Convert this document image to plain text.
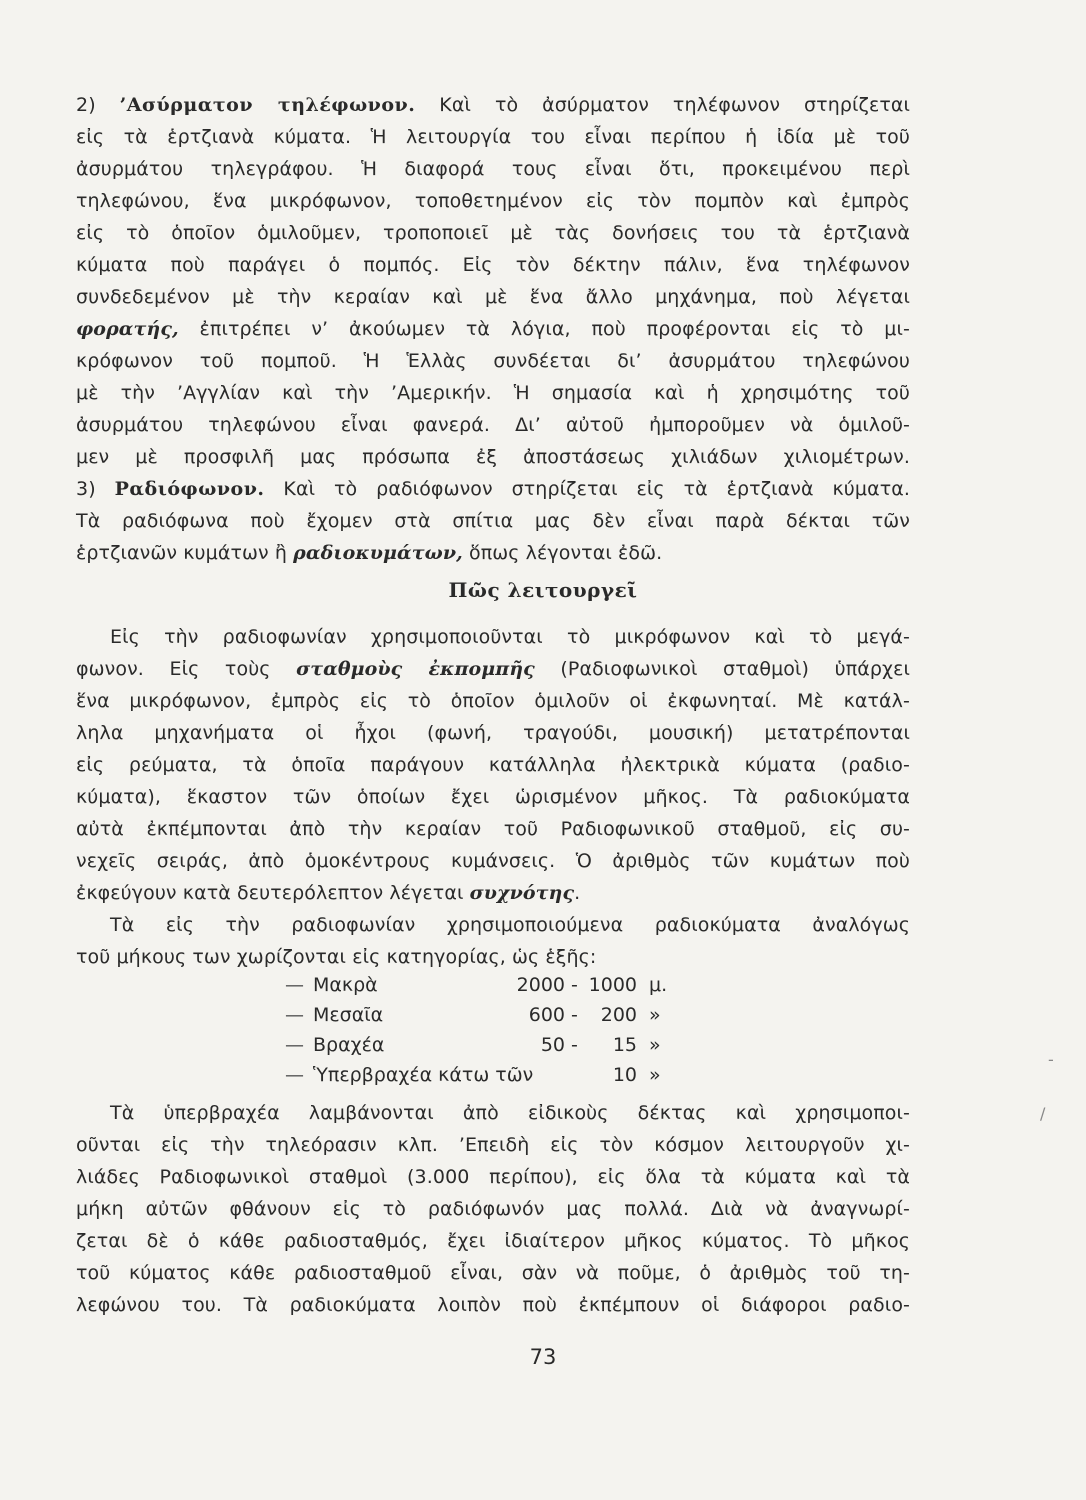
2) ’Ασύρματον τηλέφωνον. Καὶ τὸ ἀσύρματον τηλέφωνον στηρίζεται
εἰς τὰ ἑρτζιανὰ κύματα. Ἡ λειτουργία του εἶναι περίπου ἡ ἰδία μὲ τοῦ
ἀσυρμάτου τηλεγράφου. Ἡ διαφορά τους εἶναι ὅτι, προκειμένου περὶ
τηλεφώνου, ἕνα μικρόφωνον, τοποθετημένον εἰς τὸν πομπὸν καὶ ἐμπρὸς
εἰς τὸ ὁποῖον ὁμιλοῦμεν, τροποποιεῖ μὲ τὰς δονήσεις του τὰ ἑρτζιανὰ
κύματα ποὺ παράγει ὁ πομπός. Εἰς τὸν δέκτην πάλιν, ἕνα τηλέφωνον
συνδεδεμένον μὲ τὴν κεραίαν καὶ μὲ ἕνα ἄλλο μηχάνημα, ποὺ λέγεται
φορατής, ἐπιτρέπει ν’ ἀκούωμεν τὰ λόγια, ποὺ προφέρονται εἰς τὸ μι-
κρόφωνον τοῦ πομποῦ. Ἡ Ἑλλὰς συνδέεται δι’ ἀσυρμάτου τηλεφώνου
μὲ τὴν ’Αγγλίαν καὶ τὴν ’Αμερικήν. Ἡ σημασία καὶ ἡ χρησιμότης τοῦ
ἀσυρμάτου τηλεφώνου εἶναι φανερά. Δι’ αὐτοῦ ἠμποροῦμεν νὰ ὁμιλοῦ-
μεν μὲ προσφιλῆ μας πρόσωπα ἐξ ἀποστάσεως χιλιάδων χιλιομέτρων.
3) Ραδιόφωνον. Καὶ τὸ ραδιόφωνον στηρίζεται εἰς τὰ ἑρτζιανὰ κύματα.
Τὰ ραδιόφωνα ποὺ ἔχομεν στὰ σπίτια μας δὲν εἶναι παρὰ δέκται τῶν
ἑρτζιανῶν κυμάτων ἢ ραδιοκυμάτων, ὅπως λέγονται ἐδῶ.
Πῶς λειτουργεῖ
Εἰς τὴν ραδιοφωνίαν χρησιμοποιοῦνται τὸ μικρόφωνον καὶ τὸ μεγά-
φωνον. Εἰς τοὺς σταθμοὺς ἐκπομπῆς (Ραδιοφωνικοὶ σταθμοὶ) ὑπάρχει
ἕνα μικρόφωνον, ἐμπρὸς εἰς τὸ ὁποῖον ὁμιλοῦν οἱ ἐκφωνηταί. Μὲ κατάλ-
ληλα μηχανήματα οἱ ἦχοι (φωνή, τραγούδι, μουσική) μετατρέπονται
εἰς ρεύματα, τὰ ὁποῖα παράγουν κατάλληλα ἠλεκτρικὰ κύματα (ραδιο-
κύματα), ἕκαστον τῶν ὁποίων ἔχει ὡρισμένον μῆκος. Τὰ ραδιοκύματα
αὐτὰ ἐκπέμπονται ἀπὸ τὴν κεραίαν τοῦ Ραδιοφωνικοῦ σταθμοῦ, εἰς συ-
νεχεῖς σειράς, ἀπὸ ὁμοκέντρους κυμάνσεις. Ὁ ἀριθμὸς τῶν κυμάτων ποὺ
ἐκφεύγουν κατὰ δευτερόλεπτον λέγεται συχνότης.
Τὰ εἰς τὴν ραδιοφωνίαν χρησιμοποιούμενα ραδιοκύματα ἀναλόγως
τοῦ μήκους των χωρίζονται εἰς κατηγορίας, ὡς ἑξῆς:
— Μακρὰ	2000 - 1000 μ.
— Μεσαῖα	600 -	200 »
— Βραχέα	50 -	15 »
— Ὑπερβραχέα κάτω τῶν	10 »
Τὰ ὑπερβραχέα λαμβάνονται ἀπὸ εἰδικοὺς δέκτας καὶ χρησιμοποι-
οῦνται εἰς τὴν τηλεόρασιν κλπ. ’Επειδὴ εἰς τὸν κόσμον λειτουργοῦν χι-
λιάδες Ραδιοφωνικοὶ σταθμοὶ (3.000 περίπου), εἰς ὅλα τὰ κύματα καὶ τὰ
μήκη αὐτῶν φθάνουν εἰς τὸ ραδιόφωνόν μας πολλά. Διὰ νὰ ἀναγνωρί-
ζεται δὲ ὁ κάθε ραδιοσταθμός, ἔχει ἰδιαίτερον μῆκος κύματος. Τὸ μῆκος
τοῦ κύματος κάθε ραδιοσταθμοῦ εἶναι, σὰν νὰ ποῦμε, ὁ ἀριθμὸς τοῦ τη-
λεφώνου του. Τὰ ραδιοκύματα λοιπὸν ποὺ ἐκπέμπουν οἱ διάφοροι ραδιο-
73
-
/
